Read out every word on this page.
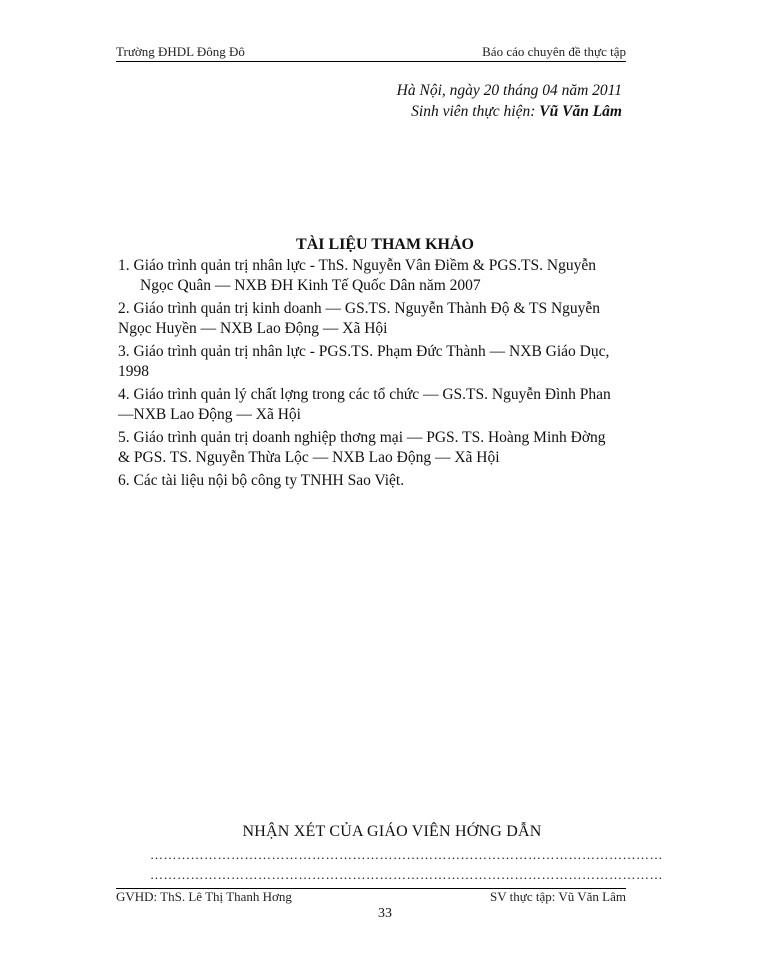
Trường ĐHDL Đông Đô	Báo cáo chuyên đề thực tập
Hà Nội, ngày 20 tháng 04 năm 2011
Sinh viên thực hiện: Vũ Văn Lâm
TÀI LIỆU THAM KHẢO
1. Giáo trình quản trị nhân lực - ThS. Nguyễn Vân Điềm & PGS.TS. Nguyễn
Ngọc Quân — NXB ĐH Kinh Tế Quốc Dân năm 2007
2. Giáo trình quản trị kinh doanh — GS.TS. Nguyễn Thành Độ & TS Nguyễn
Ngọc Huyền — NXB Lao Động — Xã Hội
3. Giáo trình quản trị nhân lực - PGS.TS. Phạm Đức Thành — NXB Giáo Dục,
1998
4. Giáo trình quản lý chất lợng trong các tổ chức — GS.TS. Nguyễn Đình Phan
—NXB Lao Động — Xã Hội
5. Giáo trình quản trị doanh nghiệp thơng mại — PGS. TS. Hoàng Minh Đờng
& PGS. TS. Nguyễn Thừa Lộc — NXB Lao Động — Xã Hội
6. Các tài liệu nội bộ công ty TNHH Sao Việt.
NHẬN XÉT CỦA GIÁO VIÊN HỚNG DẪN
……………………………………………………………………………………………………
……………………………………………………………………………………………………
GVHD: ThS. Lê Thị Thanh Hơng	SV thực tập: Vũ Văn Lâm
33
